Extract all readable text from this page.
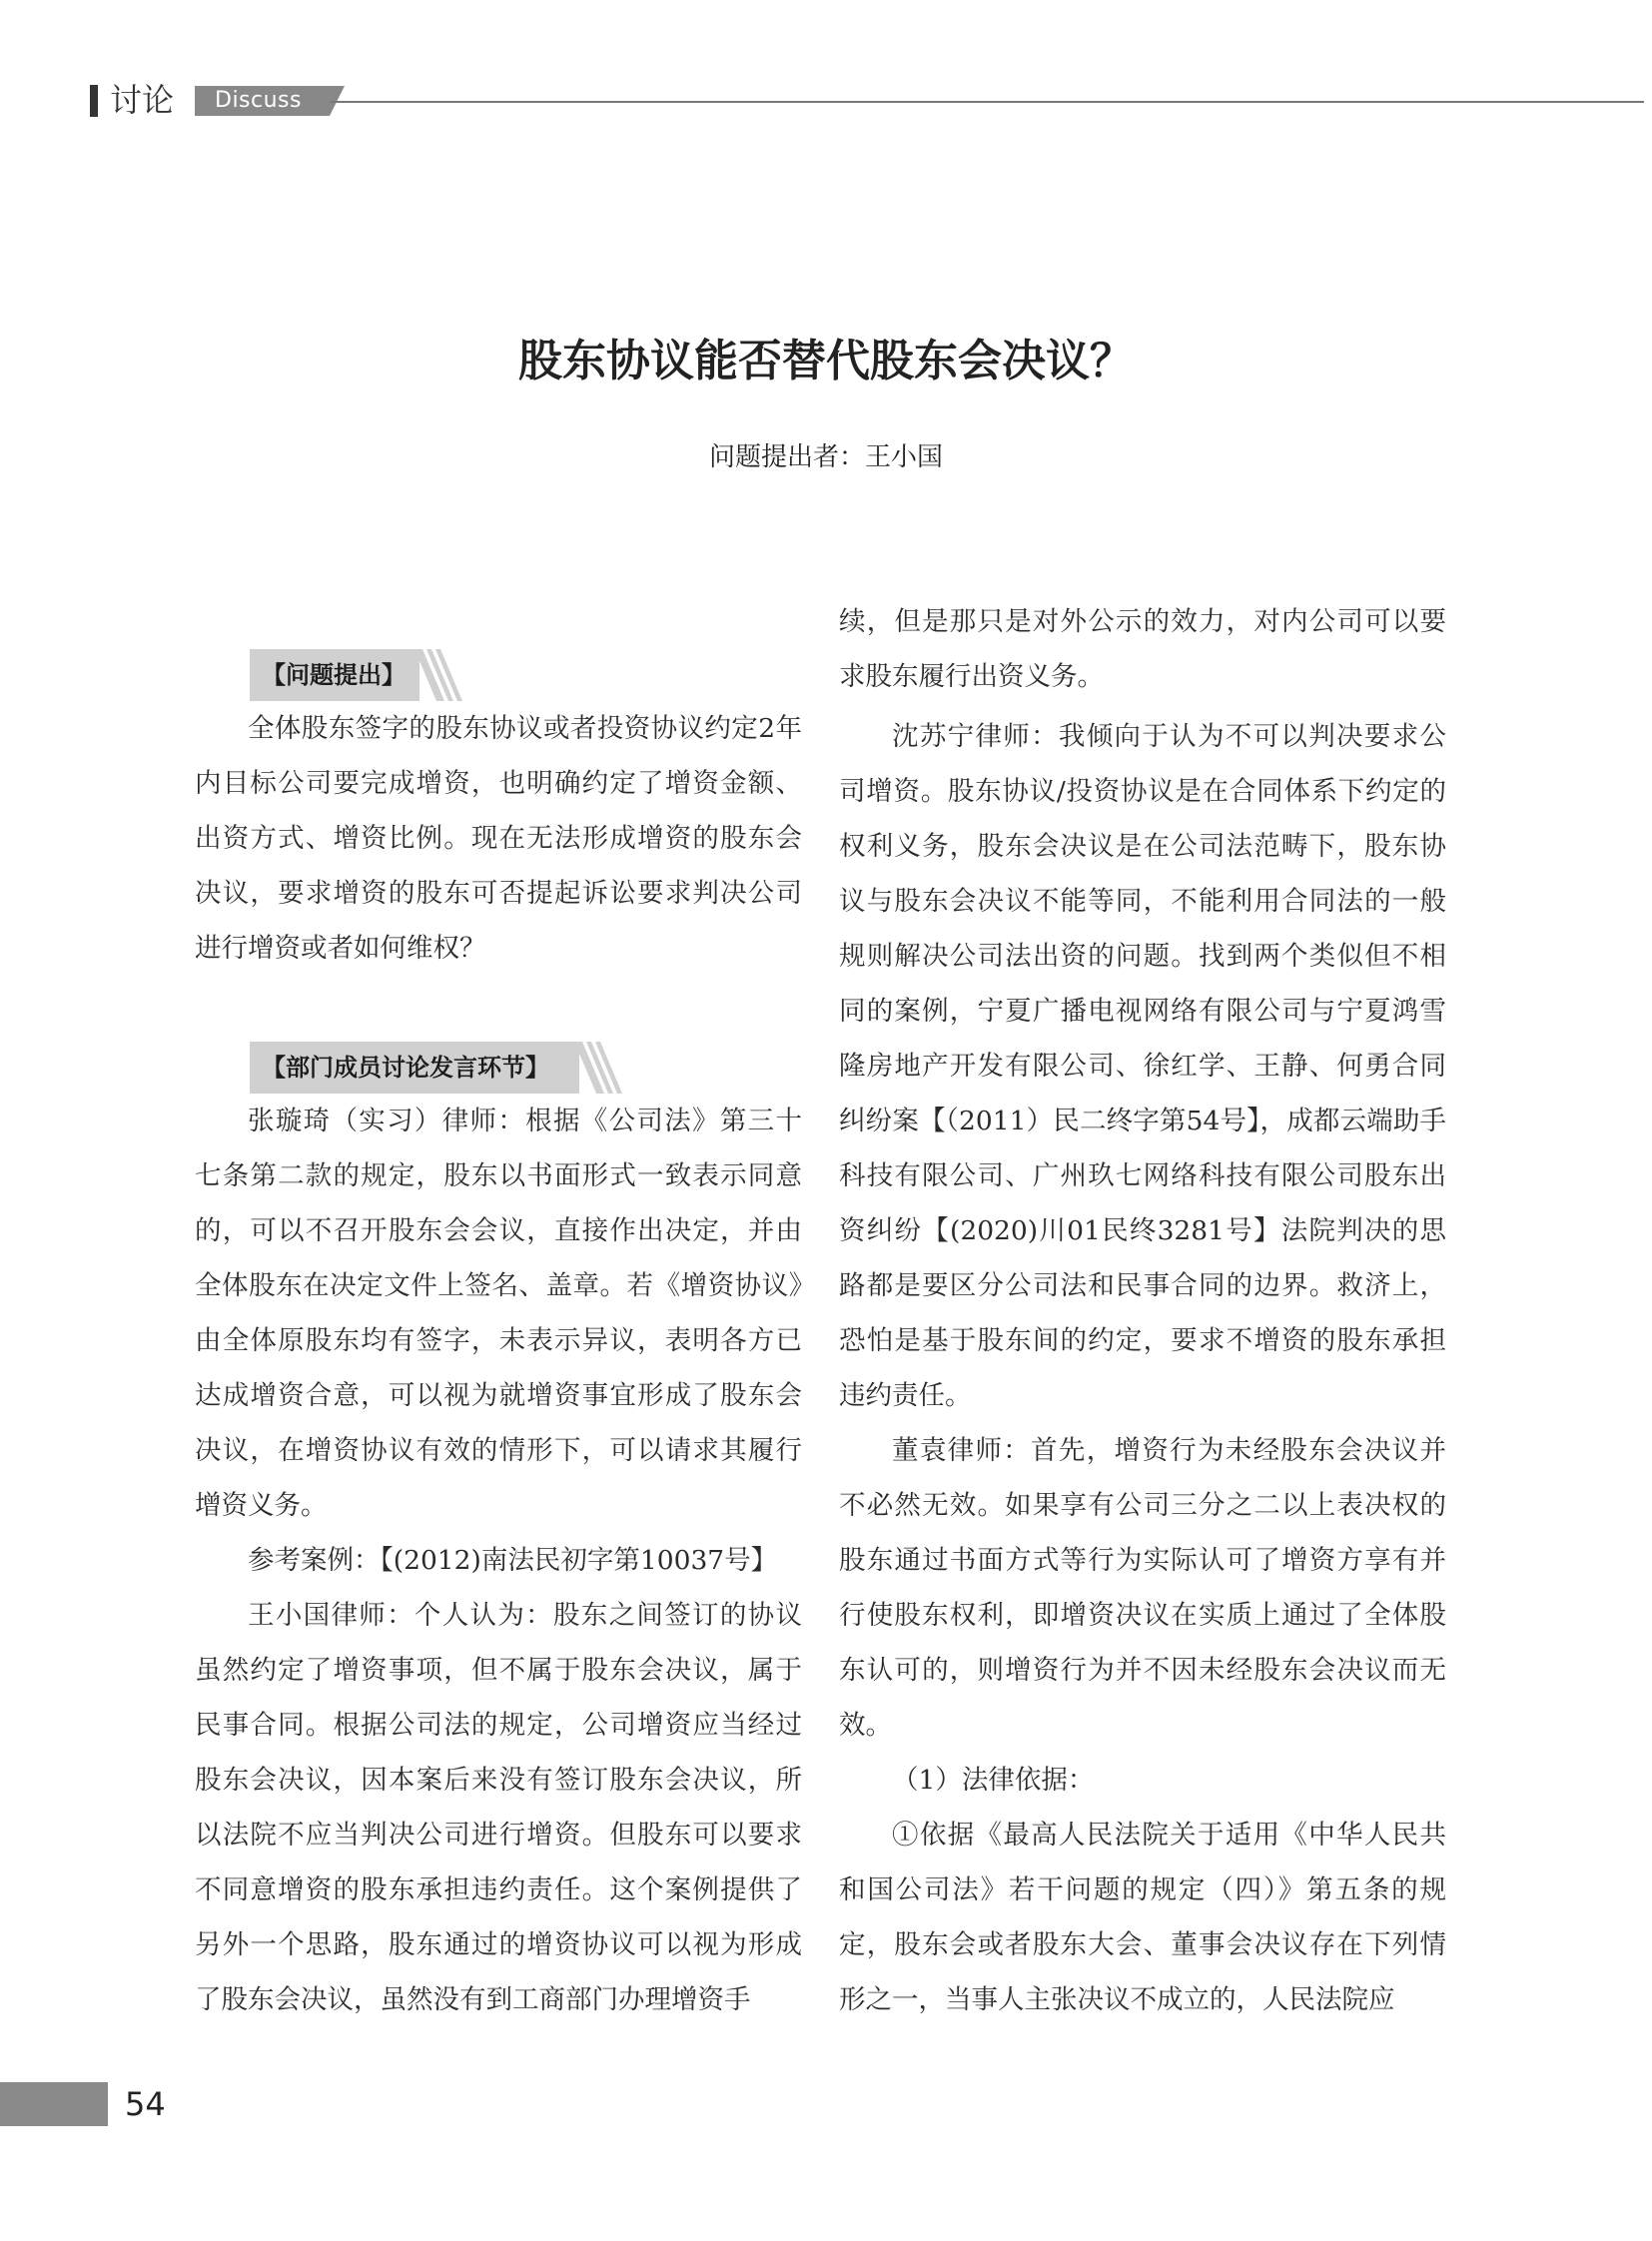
讨论 Discuss
股东协议能否替代股东会决议？
问题提出者：王小国
【问题提出】

全体股东签字的股东协议或者投资协议约定2年内目标公司要完成增资，也明确约定了增资金额、出资方式、增资比例。现在无法形成增资的股东会决议，要求增资的股东可否提起诉讼要求判决公司进行增资或者如何维权？

【部门成员讨论发言环节】

张璇琦（实习）律师：根据《公司法》第三十七条第二款的规定，股东以书面形式一致表示同意的，可以不召开股东会会议，直接作出决定，并由全体股东在决定文件上签名、盖章。若《增资协议》由全体原股东均有签字，未表示异议，表明各方已达成增资合意，可以视为就增资事宜形成了股东会决议，在增资协议有效的情形下，可以请求其履行增资义务。

参考案例：【(2012)南法民初字第10037号】

王小国律师：个人认为：股东之间签订的协议虽然约定了增资事项，但不属于股东会决议，属于民事合同。根据公司法的规定，公司增资应当经过股东会决议，因本案后来没有签订股东会决议，所以法院不应当判决公司进行增资。但股东可以要求不同意增资的股东承担违约责任。这个案例提供了另外一个思路，股东通过的增资协议可以视为形成了股东会决议，虽然没有到工商部门办理增资手

续，但是那只是对外公示的效力，对内公司可以要求股东履行出资义务。

沈苏宁律师：我倾向于认为不可以判决要求公司增资。股东协议/投资协议是在合同体系下约定的权利义务，股东会决议是在公司法范畴下，股东协议与股东会决议不能等同，不能利用合同法的一般规则解决公司法出资的问题。找到两个类似但不相同的案例，宁夏广播电视网络有限公司与宁夏鸿雪隆房地产开发有限公司、徐红学、王静、何勇合同纠纷案【（2011）民二终字第54号】，成都云端助手科技有限公司、广州玖七网络科技有限公司股东出资纠纷【(2020)川01民终3281号】法院判决的思路都是要区分公司法和民事合同的边界。救济上，恐怕是基于股东间的约定，要求不增资的股东承担违约责任。

董袁律师：首先，增资行为未经股东会决议并不必然无效。如果享有公司三分之二以上表决权的股东通过书面方式等行为实际认可了增资方享有并行使股东权利，即增资决议在实质上通过了全体股东认可的，则增资行为并不因未经股东会决议而无效。

（1）法律依据：

①依据《最高人民法院关于适用《中华人民共和国公司法》若干问题的规定（四）》第五条的规定，股东会或者股东大会、董事会决议存在下列情形之一，当事人主张决议不成立的，人民法院应

54
